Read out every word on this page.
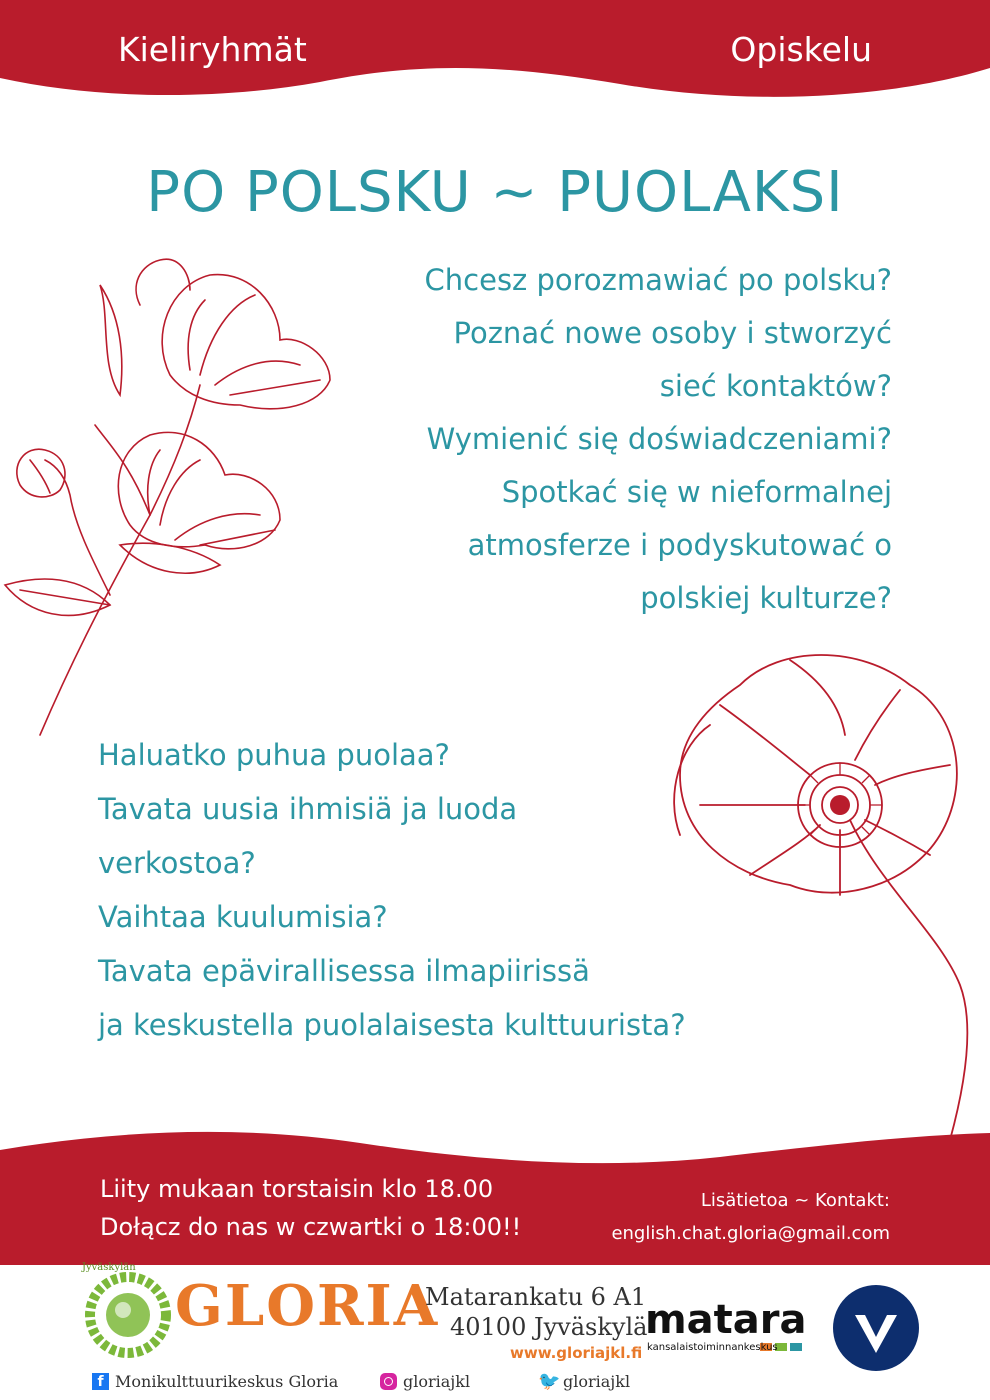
Kieliryhmät	Opiskelu
PO POLSKU ~ PUOLAKSI
Chcesz porozmawiać po polsku?
Poznać nowe osoby i stworzyć
sieć kontaktów?
Wymienić się doświadczeniami?
Spotkać się w nieformalnej
atmosferze i podyskutować o
polskiej kulturze?
Haluatko puhua puolaa?
Tavata uusia ihmisiä ja luoda
verkostoa?
Vaihtaa kuulumisia?
Tavata epävirallisessa ilmapiirissä
ja keskustella puolalaisesta kulttuurista?
Liity mukaan torstaisin klo 18.00
Dołącz do nas w czwartki o 18:00!!
Lisätietoa ~ Kontakt:
english.chat.gloria@gmail.com
Jyväskylän
GLORIA
Matarankatu 6 A1
40100 Jyväskylä
www.gloriajkl.fi
matara
kansalaistoiminnankeskus
f Monikulttuurikeskus Gloria	gloriajkl	🐦 gloriajkl
